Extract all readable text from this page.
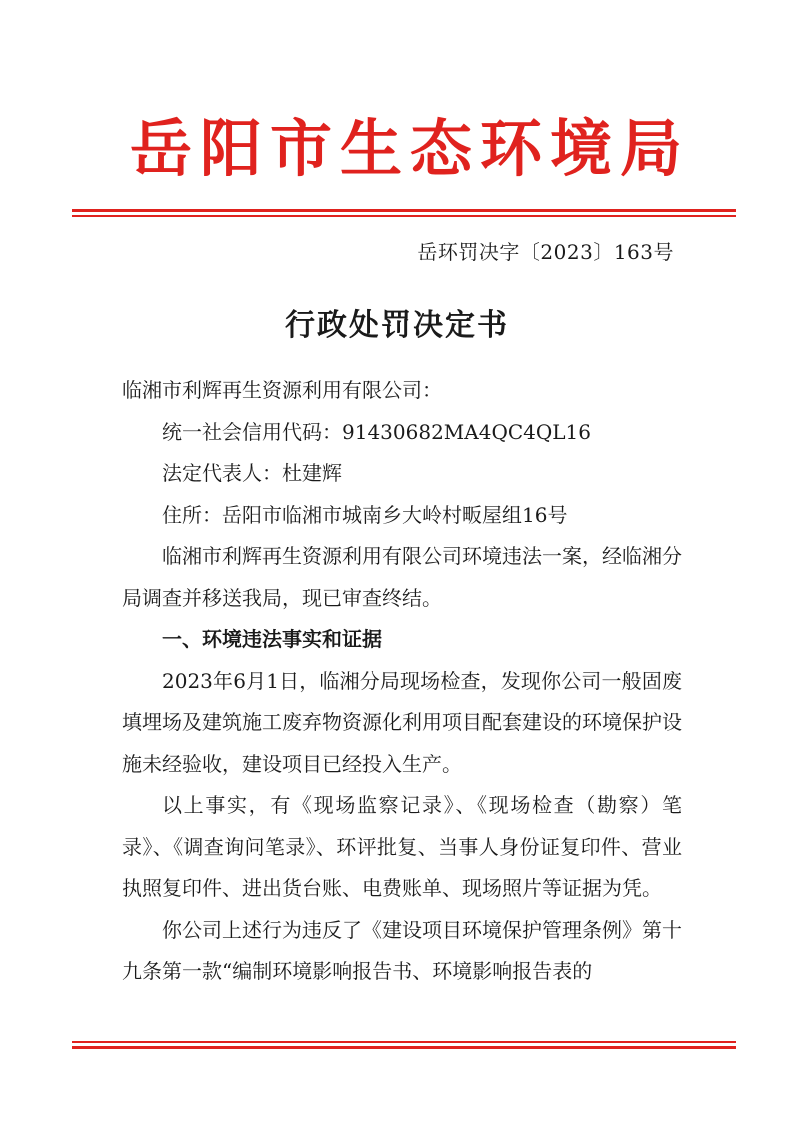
岳阳市生态环境局
岳环罚决字〔2023〕163号
行政处罚决定书

临湘市利辉再生资源利用有限公司：

统一社会信用代码：91430682MA4QC4QL16

法定代表人：杜建辉

住所：岳阳市临湘市城南乡大岭村畈屋组16号

临湘市利辉再生资源利用有限公司环境违法一案，经临湘分局调查并移送我局，现已审查终结。

一、环境违法事实和证据

2023年6月1日，临湘分局现场检查，发现你公司一般固废填埋场及建筑施工废弃物资源化利用项目配套建设的环境保护设施未经验收，建设项目已经投入生产。

以上事实，有《现场监察记录》、《现场检查（勘察）笔录》、《调查询问笔录》、环评批复、当事人身份证复印件、营业执照复印件、进出货台账、电费账单、现场照片等证据为凭。

你公司上述行为违反了《建设项目环境保护管理条例》第十九条第一款“编制环境影响报告书、环境影响报告表的
